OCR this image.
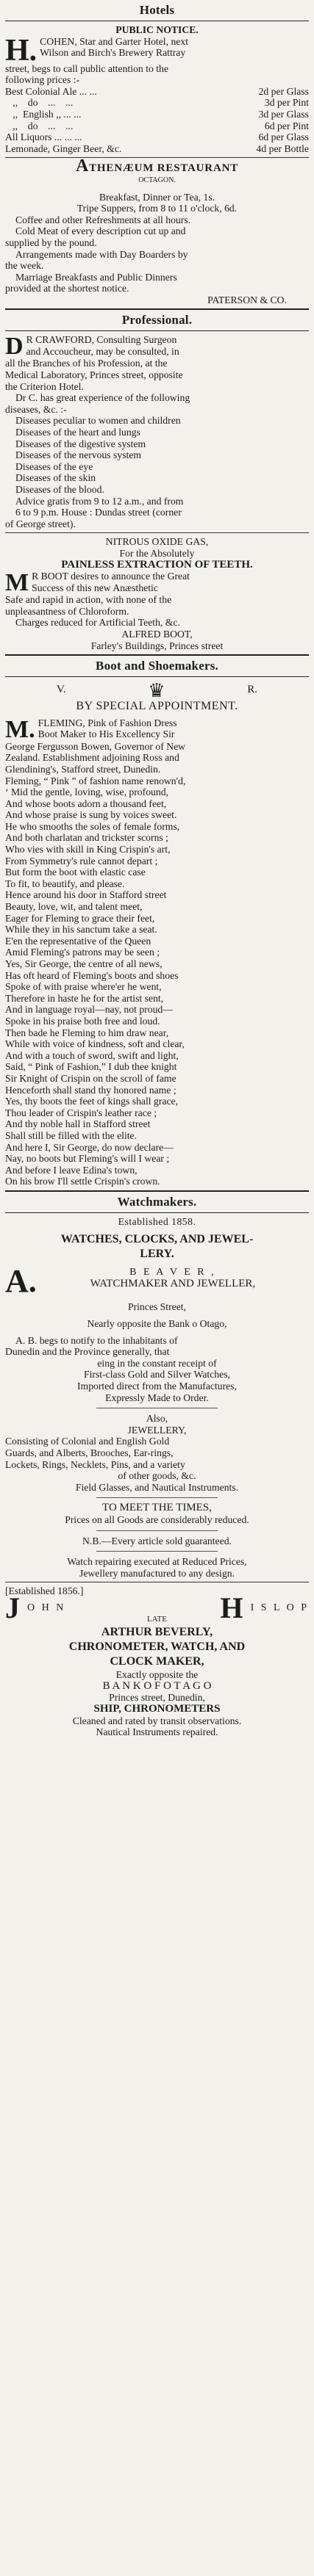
Hotels
PUBLIC NOTICE.
H. COHEN, Star and Garter Hotel, next
Wilson and Birch's Brewery Rattray
street, begs to call public attention to the
following prices :-
Best Colonial Ale ... ...	2d per Glass
,,    do    ...    ...	3d per Pint
,,  English ,, ... ...	3d per Glass
,,    do    ...    ...	6d per Pint
All Liquors ... ... ...	6d per Glass
Lemonade, Ginger Beer, &c.	4d per Bottle
ATHENÆUM RESTAURANT
OCTAGON.
Breakfast, Dinner or Tea, 1s.
Tripe Suppers, from 8 to 11 o'clock, 6d.
Coffee and other Refreshments at all hours.
Cold Meat of every description cut up and
supplied by the pound.
Arrangements made with Day Boarders by
the week.
Marriage Breakfasts and Public Dinners
provided at the shortest notice.
PATERSON & CO.
Professional.
D R CRAWFORD, Consulting Surgeon
and Accoucheur, may be consulted, in
all the Branches of his Profession, at the
Medical Laboratory, Princes street, opposite
the Criterion Hotel.
Dr C. has great experience of the following
diseases, &c. :-
Diseases peculiar to women and children
Diseases of the heart and lungs
Diseases of the digestive system
Diseases of the nervous system
Diseases of the eye
Diseases of the skin
Diseases of the blood.
Advice gratis from 9 to 12 a.m., and from
6 to 9 p.m. House : Dundas street (corner
of George street).
NITROUS OXIDE GAS,
For the Absolutely
PAINLESS EXTRACTION OF TEETH.
M R BOOT desires to announce the Great
Success of this new Anæsthetic
Safe and rapid in action, with none of the
unpleasantness of Chloroform.
Charges reduced for Artificial Teeth, &c.
ALFRED BOOT,
Farley's Buildings, Princes street
Boot and Shoemakers.
V.	♛	R.
BY SPECIAL APPOINTMENT.
M. FLEMING, Pink of Fashion Dress
Boot Maker to His Excellency Sir
George Fergusson Bowen, Governor of New
Zealand. Establishment adjoining Ross and
Glendining's, Stafford street, Dunedin.
Fleming, “ Pink ” of fashion name renown'd,
‘ Mid the gentle, loving, wise, profound,
And whose boots adorn a thousand feet,
And whose praise is sung by voices sweet.
He who smooths the soles of female forms,
And both charlatan and trickster scorns ;
Who vies with skill in King Crispin's art,
From Symmetry's rule cannot depart ;
But form the boot with elastic case
To fit, to beautify, and please.
Hence around his door in Stafford street
Beauty, love, wit, and talent meet,
Eager for Fleming to grace their feet,
While they in his sanctum take a seat.
E'en the representative of the Queen
Amid Fleming's patrons may be seen ;
Yes, Sir George, the centre of all news,
Has oft heard of Fleming's boots and shoes
Spoke of with praise where'er he went,
Therefore in haste he for the artist sent,
And in language royal—nay, not proud—
Spoke in his praise both free and loud.
Then bade he Fleming to him draw near,
While with voice of kindness, soft and clear,
And with a touch of sword, swift and light,
Said, “ Pink of Fashion,” I dub thee knight
Sir Knight of Crispin on the scroll of fame
Henceforth shall stand thy honored name ;
Yes, thy boots the feet of kings shall grace,
Thou leader of Crispin's leather race ;
And thy noble hall in Stafford street
Shall still be filled with the elite.
And here I, Sir George, do now declare—
Nay, no boots but Fleming's will I wear ;
And before I leave Edina's town,
On his brow I'll settle Crispin's crown.
Watchmakers.
Established 1858.
WATCHES, CLOCKS, AND JEWEL-
LERY.
A.	B E A V E R ,
WATCHMAKER AND JEWELLER,
Princes Street,
Nearly opposite the Bank o Otago,
A. B. begs to notify to the inhabitants of
Dunedin and the Province generally, that
eing in the constant receipt of
First-class Gold and Silver Watches,
Imported direct from the Manufactures,
Expressly Made to Order.
Also,
JEWELLERY,
Consisting of Colonial and English Gold
Guards, and Alberts, Brooches, Ear-rings,
Lockets, Rings, Necklets, Pins, and a variety
of other goods, &c.
Field Glasses, and Nautical Instruments.
TO MEET THE TIMES,
Prices on all Goods are considerably reduced.
N.B.—Every article sold guaranteed.
Watch repairing executed at Reduced Prices,
Jewellery manufactured to any design.
[Established 1856.]
J O H N	H I S L O P
LATE
ARTHUR BEVERLY,
CHRONOMETER, WATCH, AND
CLOCK MAKER,
Exactly opposite the
B A N K O F O T A G O
Princes street, Dunedin,
SHIP, CHRONOMETERS
Cleaned and rated by transit observations.
Nautical Instruments repaired.
